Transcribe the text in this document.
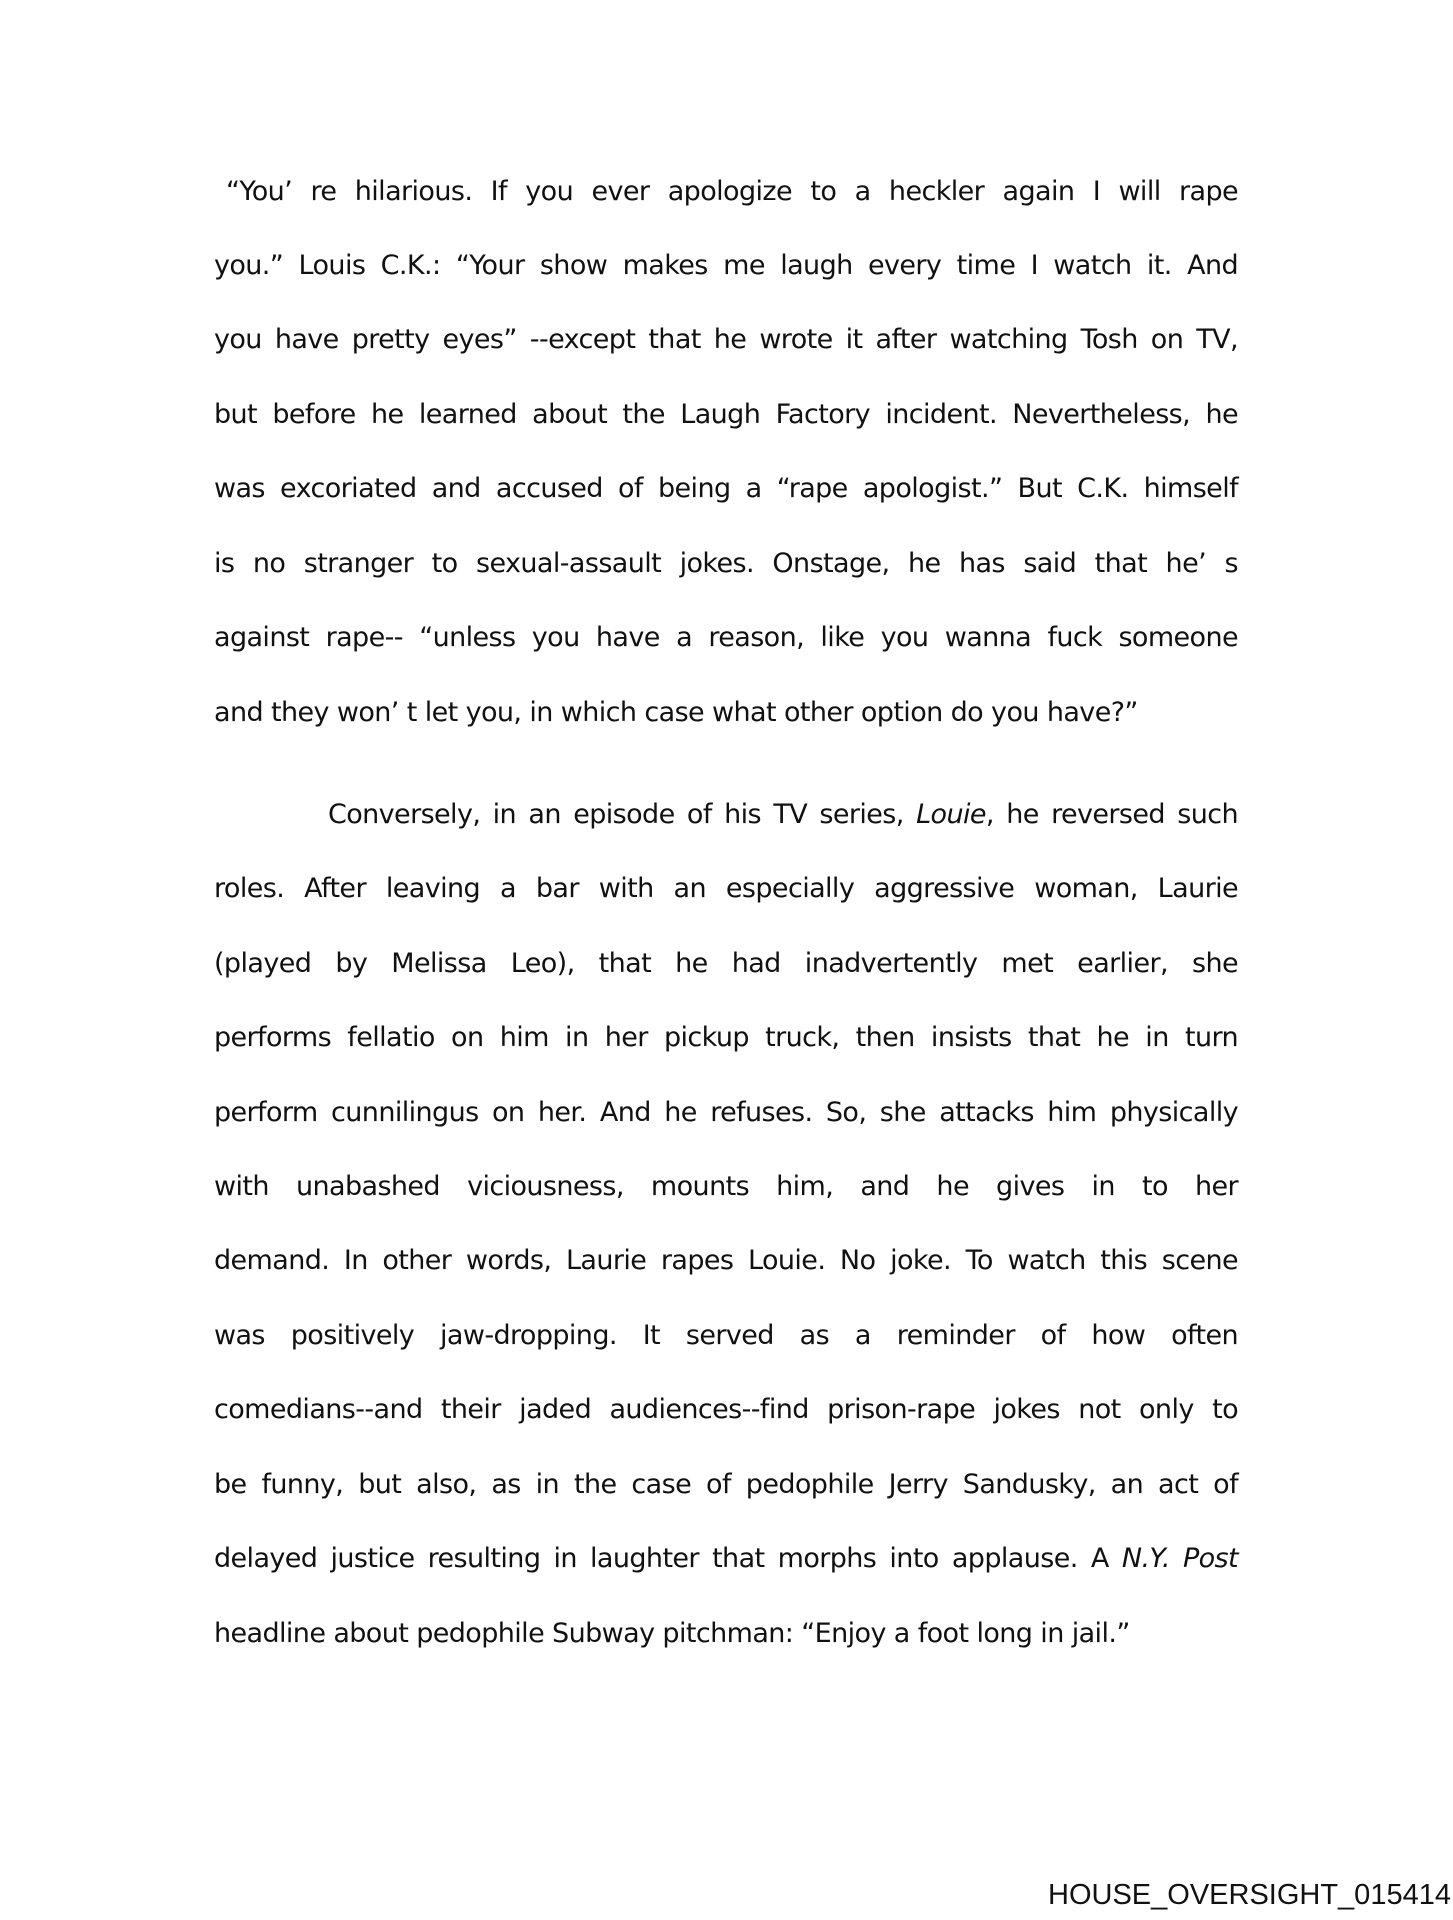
“You’ re hilarious. If you ever apologize to a heckler again I will rape
you.” Louis C.K.: “Your show makes me laugh every time I watch it. And
you have pretty eyes” --except that he wrote it after watching Tosh on TV,
but before he learned about the Laugh Factory incident. Nevertheless, he
was excoriated and accused of being a “rape apologist.” But C.K. himself
is no stranger to sexual-assault jokes. Onstage, he has said that he’ s
against rape-- “unless you have a reason, like you wanna fuck someone
and they won’ t let you, in which case what other option do you have?”
Conversely, in an episode of his TV series, Louie, he reversed such
roles. After leaving a bar with an especially aggressive woman, Laurie
(played by Melissa Leo), that he had inadvertently met earlier, she
performs fellatio on him in her pickup truck, then insists that he in turn
perform cunnilingus on her. And he refuses. So, she attacks him physically
with unabashed viciousness, mounts him, and he gives in to her
demand. In other words, Laurie rapes Louie. No joke. To watch this scene
was positively jaw-dropping. It served as a reminder of how often
comedians--and their jaded audiences--find prison-rape jokes not only to
be funny, but also, as in the case of pedophile Jerry Sandusky, an act of
delayed justice resulting in laughter that morphs into applause. A N.Y. Post
headline about pedophile Subway pitchman: “Enjoy a foot long in jail.”
HOUSE_OVERSIGHT_015414
